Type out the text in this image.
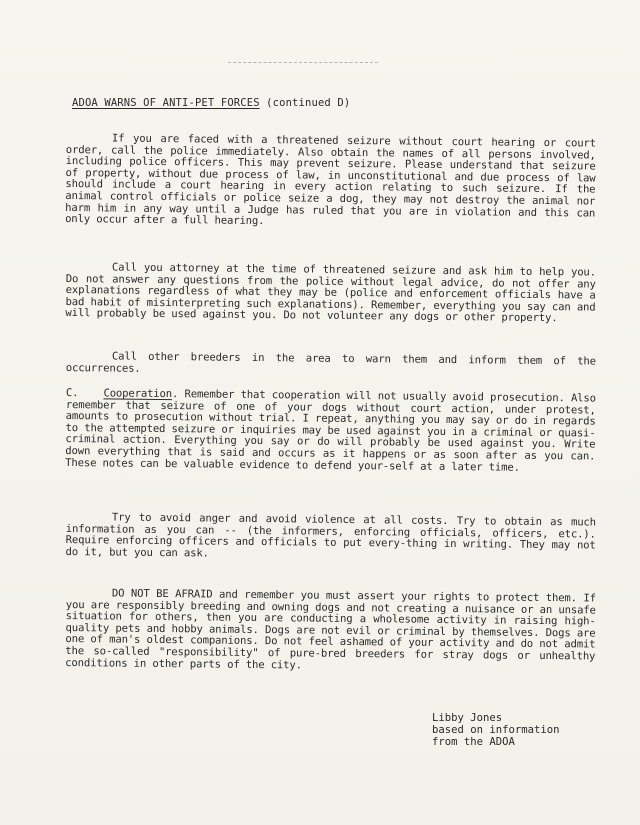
ADOA WARNS OF ANTI-PET FORCES (continued D)

If you are faced with a threatened seizure without court hearing or court order, call the police immediately. Also obtain the names of all persons involved, including police officers. This may prevent seizure. Please understand that seizure of property, without due process of law, in unconstitutional and due process of law should include a court hearing in every action relating to such seizure. If the animal control officials or police seize a dog, they may not destroy the animal nor harm him in any way until a Judge has ruled that you are in violation and this can only occur after a full hearing.

Call you attorney at the time of threatened seizure and ask him to help you. Do not answer any questions from the police without legal advice, do not offer any explanations regardless of what they may be (police and enforcement officials have a bad habit of misinterpreting such explanations). Remember, everything you say can and will probably be used against you. Do not volunteer any dogs or other property.

Call other breeders in the area to warn them and inform them of the occurrences.

C. Cooperation. Remember that cooperation will not usually avoid prosecution. Also remember that seizure of one of your dogs without court action, under protest, amounts to prosecution without trial. I repeat, anything you may say or do in regards to the attempted seizure or inquiries may be used against you in a criminal or quasi-criminal action. Everything you say or do will probably be used against you. Write down everything that is said and occurs as it happens or as soon after as you can. These notes can be valuable evidence to defend your-self at a later time.

Try to avoid anger and avoid violence at all costs. Try to obtain as much information as you can -- (the informers, enforcing officials, officers, etc.). Require enforcing officers and officials to put every-thing in writing. They may not do it, but you can ask.

DO NOT BE AFRAID and remember you must assert your rights to protect them. If you are responsibly breeding and owning dogs and not creating a nuisance or an unsafe situation for others, then you are conducting a wholesome activity in raising high-quality pets and hobby animals. Dogs are not evil or criminal by themselves. Dogs are one of man's oldest companions. Do not feel ashamed of your activity and do not admit the so-called "responsibility" of pure-bred breeders for stray dogs or unhealthy conditions in other parts of the city.

Libby Jones
based on information
from the ADOA
